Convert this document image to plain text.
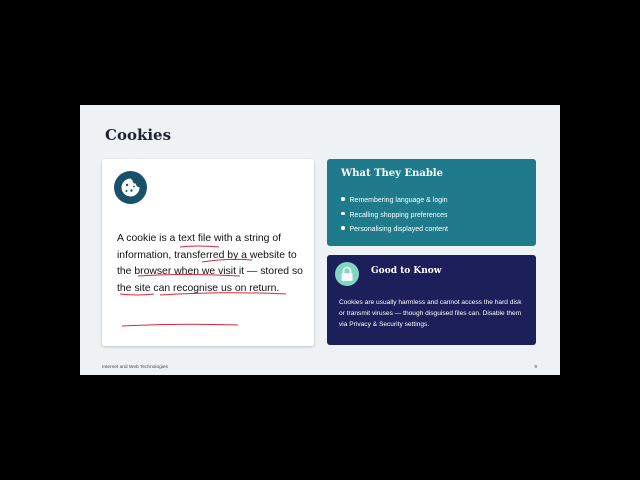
Cookies

A cookie is a text file with a string of information, transferred by a website to the browser when we visit it — stored so the site can recognise us on return.

What They Enable
Remembering language & login
Recalling shopping preferences
Personalising displayed content
Good to Know

Cookies are usually harmless and cannot access the hard disk or transmit viruses — though disguised files can. Disable them via Privacy & Security settings.

Internet and Web Technologies	9
